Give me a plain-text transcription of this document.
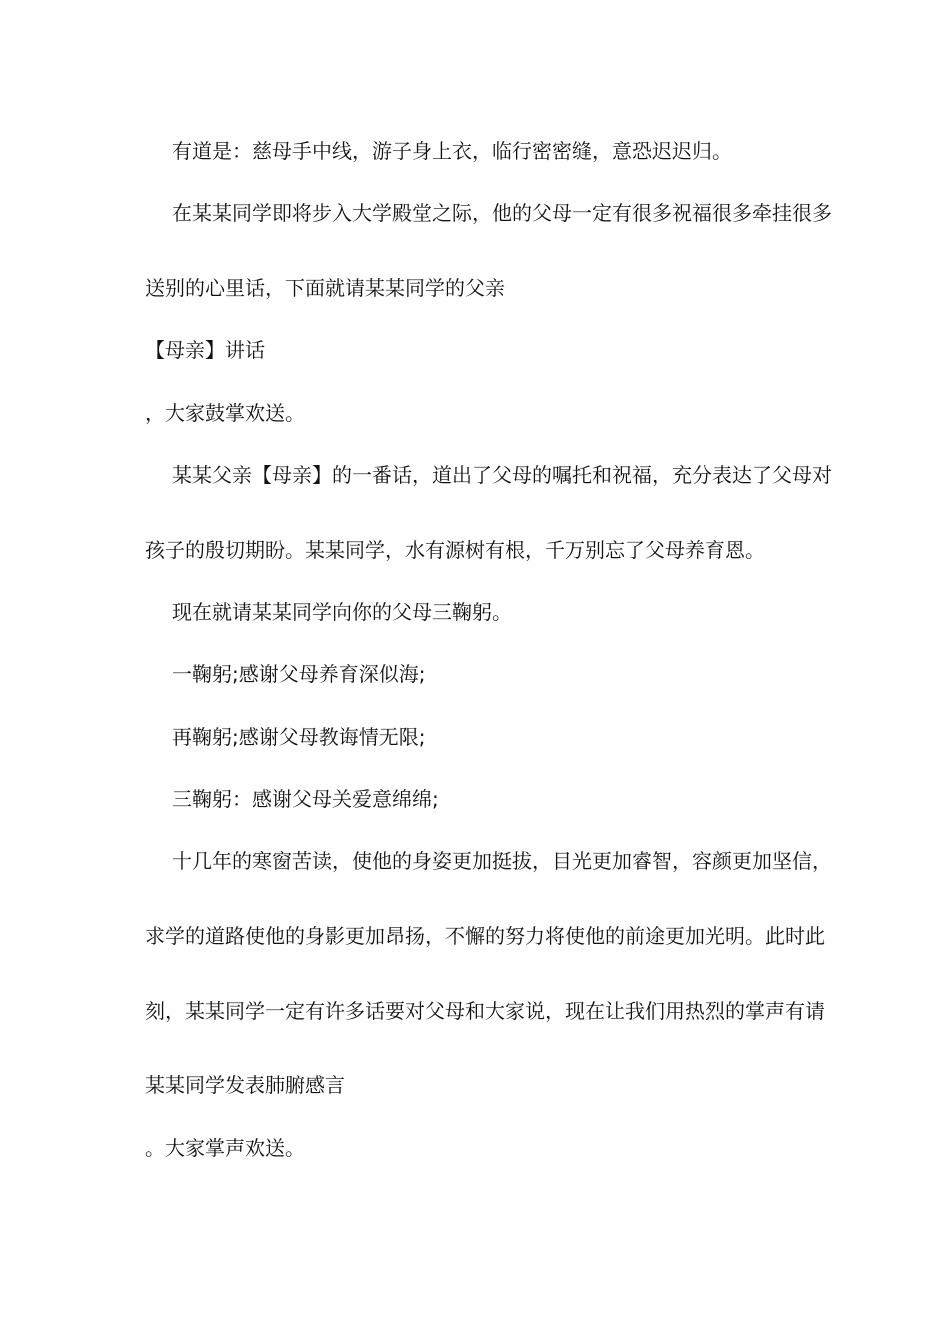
有道是：慈母手中线，游子身上衣，临行密密缝，意恐迟迟归。

在某某同学即将步入大学殿堂之际，他的父母一定有很多祝福很多牵挂很多

送别的心里话，下面就请某某同学的父亲

【母亲】讲话

，大家鼓掌欢送。

某某父亲【母亲】的一番话，道出了父母的嘱托和祝福，充分表达了父母对

孩子的殷切期盼。某某同学，水有源树有根，千万别忘了父母养育恩。

现在就请某某同学向你的父母三鞠躬。

一鞠躬;感谢父母养育深似海;

再鞠躬;感谢父母教诲情无限;

三鞠躬：感谢父母关爱意绵绵;

十几年的寒窗苦读，使他的身姿更加挺拔，目光更加睿智，容颜更加坚信，

求学的道路使他的身影更加昂扬，不懈的努力将使他的前途更加光明。此时此

刻，某某同学一定有许多话要对父母和大家说，现在让我们用热烈的掌声有请

某某同学发表肺腑感言

。大家掌声欢送。
